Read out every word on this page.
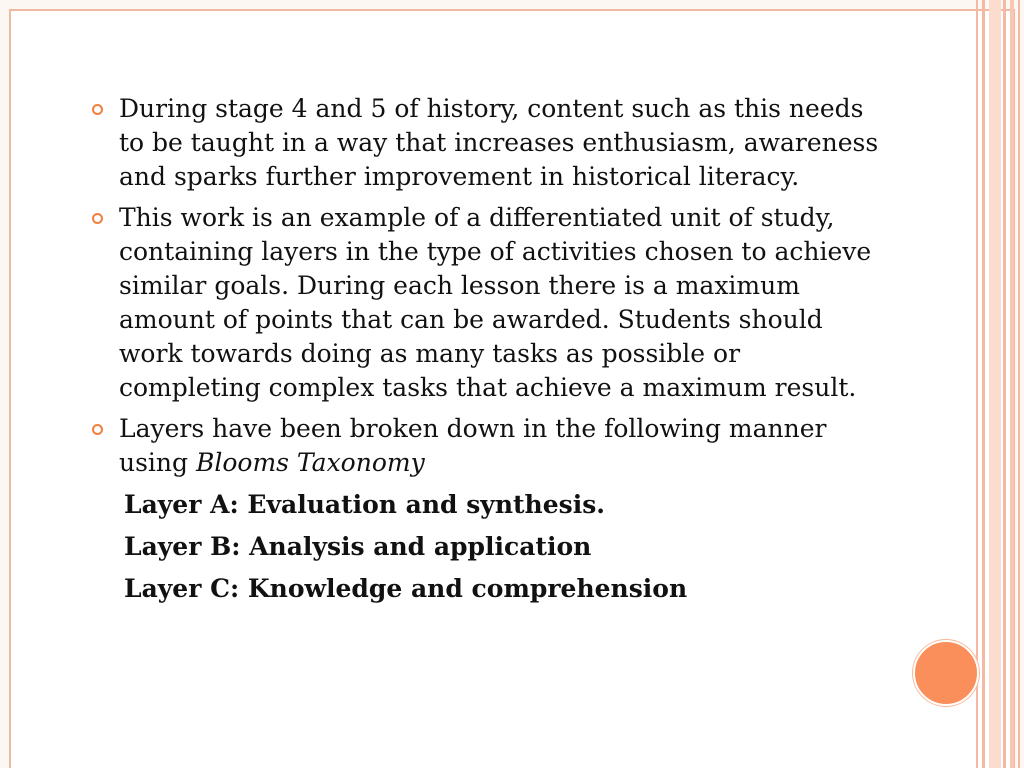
During stage 4 and 5 of history, content such as this needs to be taught in a way that increases enthusiasm, awareness and sparks further improvement in historical literacy.
This work is an example of a differentiated unit of study, containing layers in the type of activities chosen to achieve similar goals. During each lesson there is a maximum amount of points that can be awarded. Students should work towards doing as many tasks as possible or completing complex tasks that achieve a maximum result.
Layers have been broken down in the following manner using Blooms Taxonomy
Layer A: Evaluation and synthesis.
Layer B: Analysis and application
Layer C: Knowledge and comprehension
